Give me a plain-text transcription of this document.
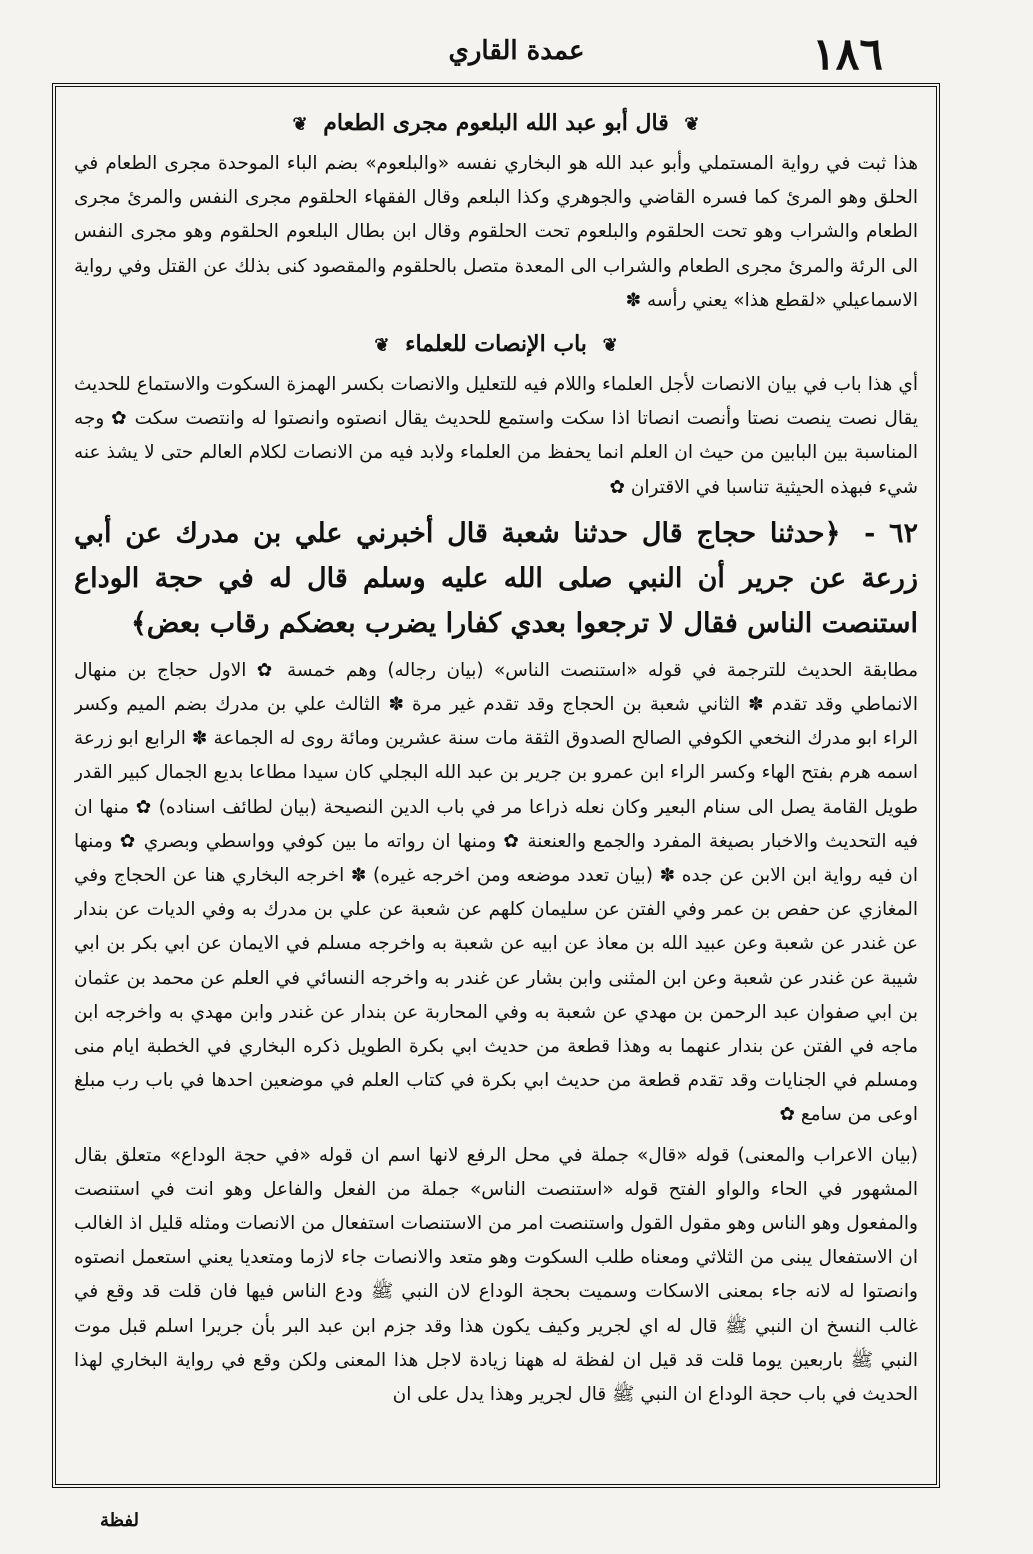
١٨٦
عمدة القاري
❦ قال أبو عبد الله البلعوم مجرى الطعام ❦

هذا ثبت في رواية المستملي وأبو عبد الله هو البخاري نفسه «والبلعوم» بضم الباء الموحدة مجرى الطعام في الحلق وهو المرئ كما فسره القاضي والجوهري وكذا البلعم وقال الفقهاء الحلقوم مجرى النفس والمرئ مجرى الطعام والشراب وهو تحت الحلقوم والبلعوم تحت الحلقوم وقال ابن بطال البلعوم الحلقوم وهو مجرى النفس الى الرئة والمرئ مجرى الطعام والشراب الى المعدة متصل بالحلقوم والمقصود كنى بذلك عن القتل وفي رواية الاسماعيلي «لقطع هذا» يعني رأسه ✽

❦ باب الإنصات للعلماء ❦

أي هذا باب في بيان الانصات لأجل العلماء واللام فيه للتعليل والانصات بكسر الهمزة السكوت والاستماع للحديث يقال نصت ينصت نصتا وأنصت انصاتا اذا سكت واستمع للحديث يقال انصتوه وانصتوا له وانتصت سكت ✿ وجه المناسبة بين البابين من حيث ان العلم انما يحفظ من العلماء ولابد فيه من الانصات لكلام العالم حتى لا يشذ عنه شيء فبهذه الحيثية تناسبا في الاقتران ✿

٦٢ - ﴿حدثنا حجاج قال حدثنا شعبة قال أخبرني علي بن مدرك عن أبي زرعة عن جرير أن النبي صلى الله عليه وسلم قال له في حجة الوداع استنصت الناس فقال لا ترجعوا بعدي كفارا يضرب بعضكم رقاب بعض﴾

مطابقة الحديث للترجمة في قوله «استنصت الناس» (بيان رجاله) وهم خمسة ✿ الاول حجاج بن منهال الانماطي وقد تقدم ✽ الثاني شعبة بن الحجاج وقد تقدم غير مرة ✽ الثالث علي بن مدرك بضم الميم وكسر الراء ابو مدرك النخعي الكوفي الصالح الصدوق الثقة مات سنة عشرين ومائة روى له الجماعة ✽ الرابع ابو زرعة اسمه هرم بفتح الهاء وكسر الراء ابن عمرو بن جرير بن عبد الله البجلي كان سيدا مطاعا بديع الجمال كبير القدر طويل القامة يصل الى سنام البعير وكان نعله ذراعا مر في باب الدين النصيحة (بيان لطائف اسناده) ✿ منها ان فيه التحديث والاخبار بصيغة المفرد والجمع والعنعنة ✿ ومنها ان رواته ما بين كوفي وواسطي وبصري ✿ ومنها ان فيه رواية ابن الابن عن جده ✽ (بيان تعدد موضعه ومن اخرجه غيره) ✽ اخرجه البخاري هنا عن الحجاج وفي المغازي عن حفص بن عمر وفي الفتن عن سليمان كلهم عن شعبة عن علي بن مدرك به وفي الديات عن بندار عن غندر عن شعبة وعن عبيد الله بن معاذ عن ابيه عن شعبة به واخرجه مسلم في الايمان عن ابي بكر بن ابي شيبة عن غندر عن شعبة وعن ابن المثنى وابن بشار عن غندر به واخرجه النسائي في العلم عن محمد بن عثمان بن ابي صفوان عبد الرحمن بن مهدي عن شعبة به وفي المحاربة عن بندار عن غندر وابن مهدي به واخرجه ابن ماجه في الفتن عن بندار عنهما به وهذا قطعة من حديث ابي بكرة الطويل ذكره البخاري في الخطبة ايام منى ومسلم في الجنايات وقد تقدم قطعة من حديث ابي بكرة في كتاب العلم في موضعين احدها في باب رب مبلغ اوعى من سامع ✿

(بيان الاعراب والمعنى) قوله «قال» جملة في محل الرفع لانها اسم ان قوله «في حجة الوداع» متعلق بقال المشهور في الحاء والواو الفتح قوله «استنصت الناس» جملة من الفعل والفاعل وهو انت في استنصت والمفعول وهو الناس وهو مقول القول واستنصت امر من الاستنصات استفعال من الانصات ومثله قليل اذ الغالب ان الاستفعال يبنى من الثلاثي ومعناه طلب السكوت وهو متعد والانصات جاء لازما ومتعديا يعني استعمل انصتوه وانصتوا له لانه جاء بمعنى الاسكات وسميت بحجة الوداع لان النبي ﷺ ودع الناس فيها فان قلت قد وقع في غالب النسخ ان النبي ﷺ قال له اي لجرير وكيف يكون هذا وقد جزم ابن عبد البر بأن جريرا اسلم قبل موت النبي ﷺ باربعين يوما قلت قد قيل ان لفظة له ههنا زيادة لاجل هذا المعنى ولكن وقع في رواية البخاري لهذا الحديث في باب حجة الوداع ان النبي ﷺ قال لجرير وهذا يدل على ان

لفظة
